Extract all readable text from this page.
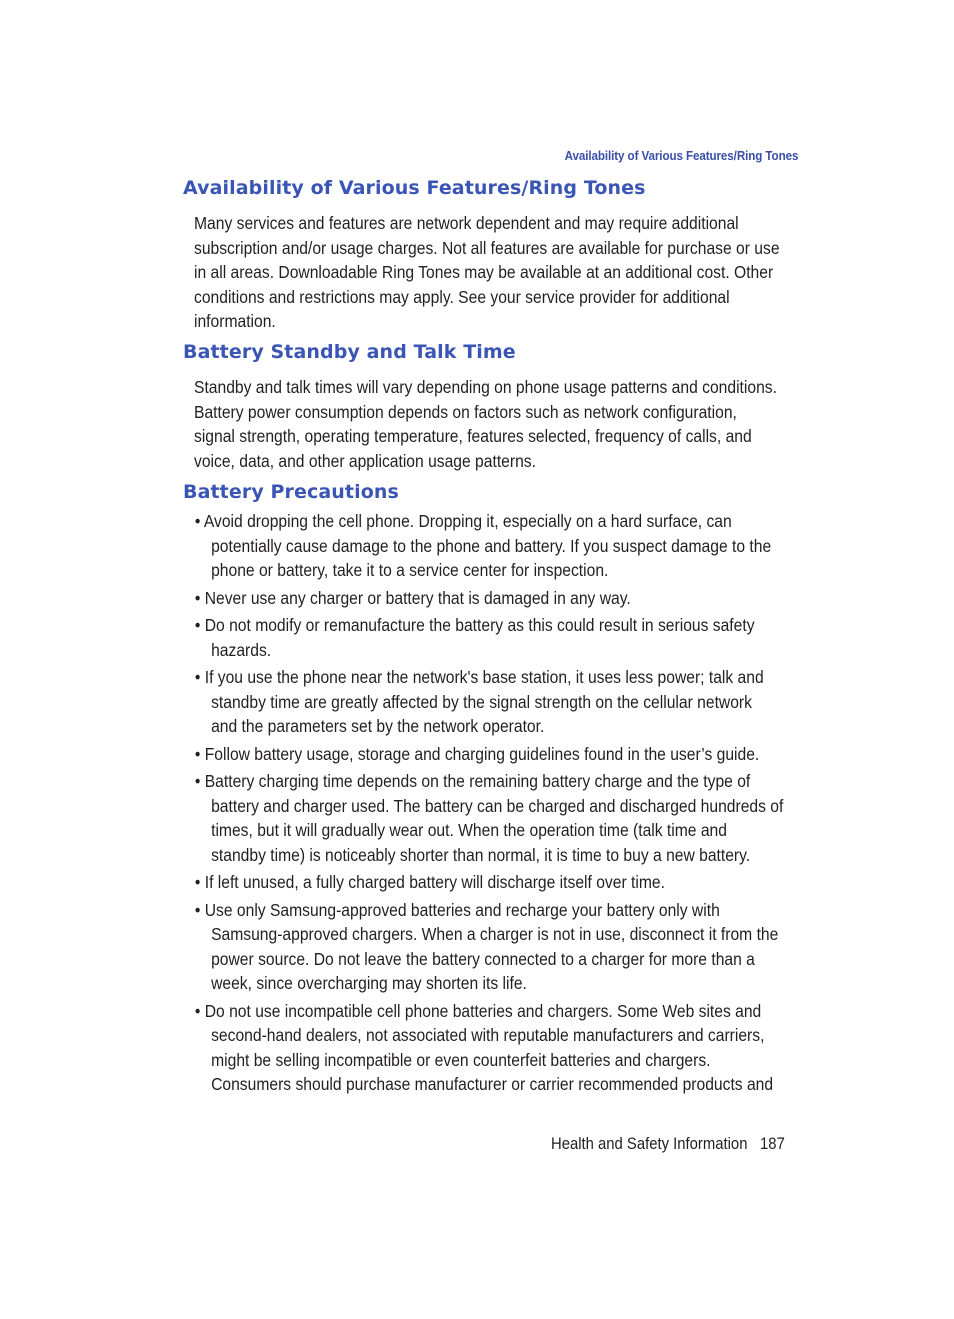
Availability of Various Features/Ring Tones
Availability of Various Features/Ring Tones
Many services and features are network dependent and may require additional
subscription and/or usage charges. Not all features are available for purchase or use
in all areas. Downloadable Ring Tones may be available at an additional cost. Other
conditions and restrictions may apply. See your service provider for additional
information.
Battery Standby and Talk Time
Standby and talk times will vary depending on phone usage patterns and conditions.
Battery power consumption depends on factors such as network configuration,
signal strength, operating temperature, features selected, frequency of calls, and
voice, data, and other application usage patterns.
Battery Precautions
• Avoid dropping the cell phone. Dropping it, especially on a hard surface, can
potentially cause damage to the phone and battery. If you suspect damage to the
phone or battery, take it to a service center for inspection.
• Never use any charger or battery that is damaged in any way.
• Do not modify or remanufacture the battery as this could result in serious safety
hazards.
• If you use the phone near the network's base station, it uses less power; talk and
standby time are greatly affected by the signal strength on the cellular network
and the parameters set by the network operator.
• Follow battery usage, storage and charging guidelines found in the user’s guide.
• Battery charging time depends on the remaining battery charge and the type of
battery and charger used. The battery can be charged and discharged hundreds of
times, but it will gradually wear out. When the operation time (talk time and
standby time) is noticeably shorter than normal, it is time to buy a new battery.
• If left unused, a fully charged battery will discharge itself over time.
• Use only Samsung-approved batteries and recharge your battery only with
Samsung-approved chargers. When a charger is not in use, disconnect it from the
power source. Do not leave the battery connected to a charger for more than a
week, since overcharging may shorten its life.
• Do not use incompatible cell phone batteries and chargers. Some Web sites and
second-hand dealers, not associated with reputable manufacturers and carriers,
might be selling incompatible or even counterfeit batteries and chargers.
Consumers should purchase manufacturer or carrier recommended products and
Health and Safety Information 187
